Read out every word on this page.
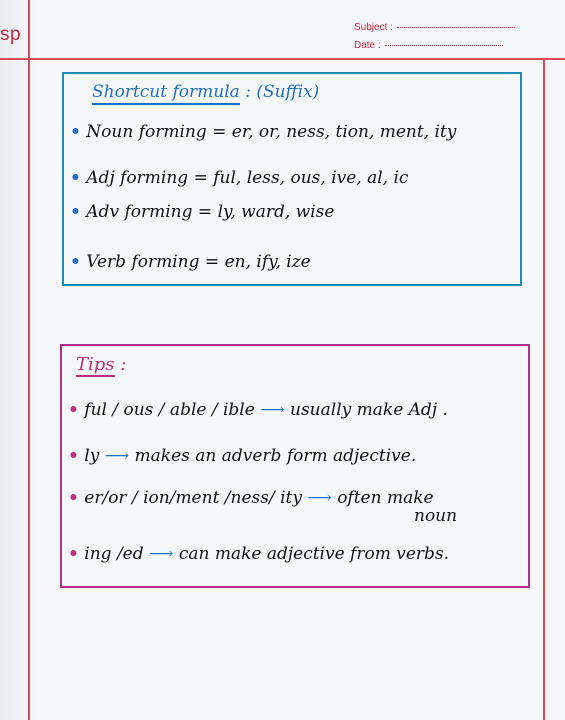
sp	Subject :
Date :
Shortcut formula : (Suffix)
• Noun forming = er, or, ness, tion, ment, ity
• Adj forming = ful, less, ous, ive, al, ic
• Adv forming = ly, ward, wise
• Verb forming = en, ify, ize
Tips :
• ful / ous / able / ible ⟶ usually make Adj .
• ly ⟶ makes an adverb form adjective.
• er/or / ion/ment /ness/ ity ⟶ often make
noun
• ing /ed ⟶ can make adjective from verbs.
